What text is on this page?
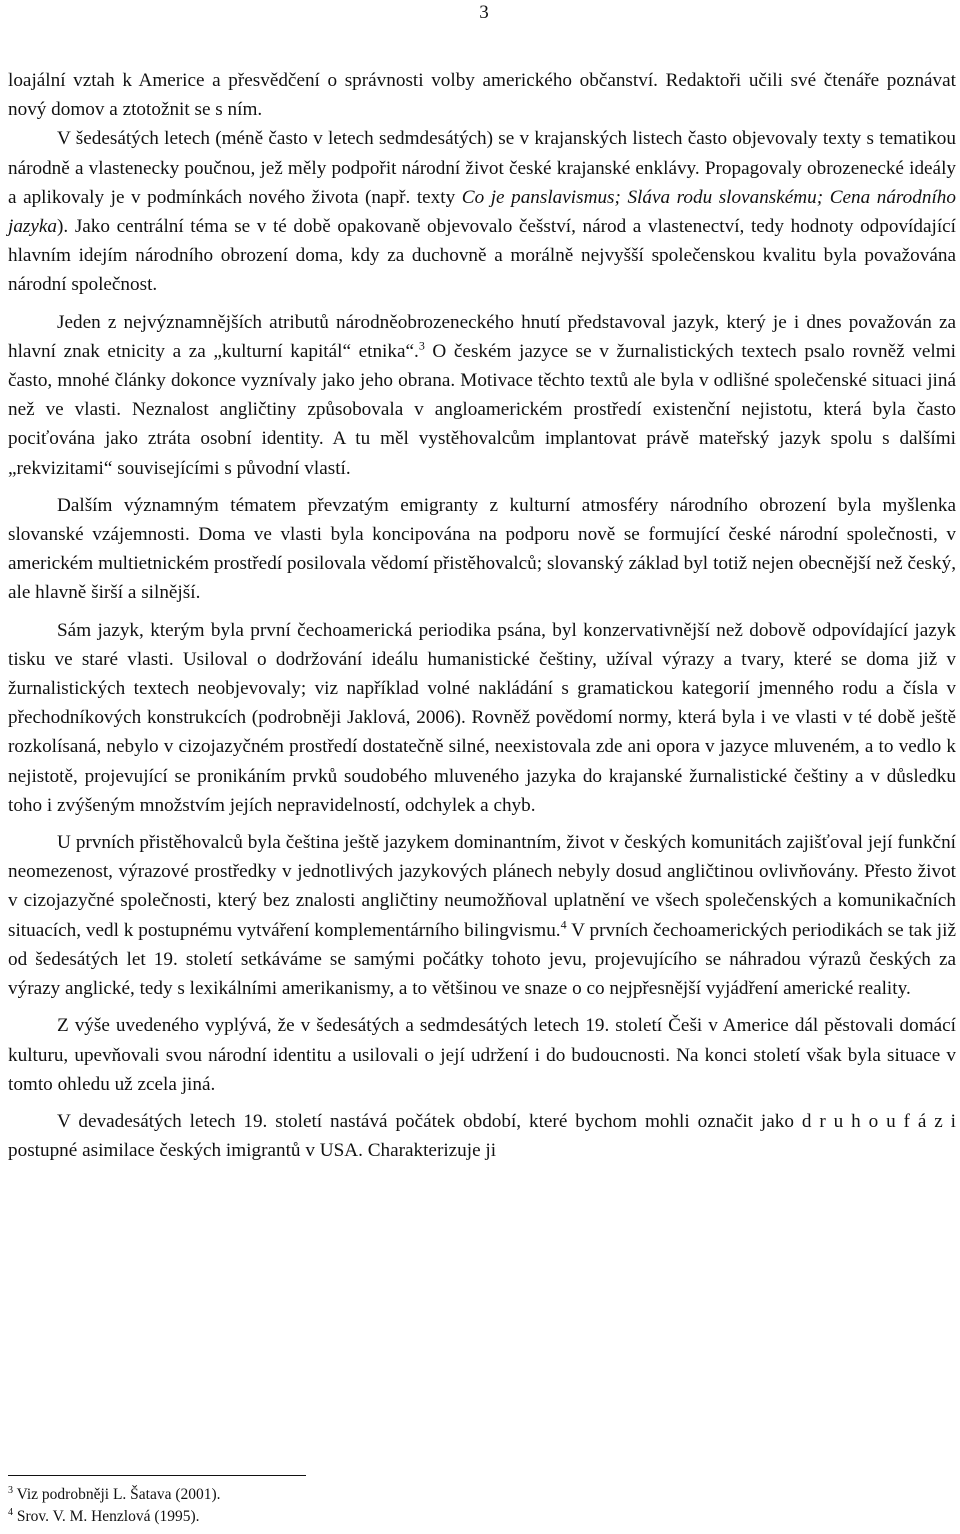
3

loajální vztah k Americe a přesvědčení o správnosti volby amerického občanství. Redaktoři učili své čtenáře poznávat nový domov a ztotožnit se s ním.

V šedesátých letech (méně často v letech sedmdesátých) se v krajanských listech často objevovaly texty s tematikou národně a vlastenecky poučnou, jež měly podpořit národní život české krajanské enklávy. Propagovaly obrozenecké ideály a aplikovaly je v podmínkách nového života (např. texty Co je panslavismus; Sláva rodu slovanskému; Cena národního jazyka). Jako centrální téma se v té době opakovaně objevovalo češství, národ a vlastenectví, tedy hodnoty odpovídající hlavním idejím národního obrození doma, kdy za duchovně a morálně nejvyšší společenskou kvalitu byla považována národní společnost.

Jeden z nejvýznamnějších atributů národněobrozeneckého hnutí představoval jazyk, který je i dnes považován za hlavní znak etnicity a za „kulturní kapitál“ etnika“.$^3$ O českém jazyce se v žurnalistických textech psalo rovněž velmi často, mnohé články dokonce vyznívaly jako jeho obrana. Motivace těchto textů ale byla v odlišné společenské situaci jiná než ve vlasti. Neznalost angličtiny způsobovala v angloamerickém prostředí existenční nejistotu, která byla často pociťována jako ztráta osobní identity. A tu měl vystěhovalcům implantovat právě mateřský jazyk spolu s dalšími „rekvizitami“ souvisejícími s původní vlastí.

Dalším významným tématem převzatým emigranty z kulturní atmosféry národního obrození byla myšlenka slovanské vzájemnosti. Doma ve vlasti byla koncipována na podporu nově se formující české národní společnosti, v americkém multietnickém prostředí posilovala vědomí přistěhovalců; slovanský základ byl totiž nejen obecnější než český, ale hlavně širší a silnější.

Sám jazyk, kterým byla první čechoamerická periodika psána, byl konzervativnější než dobově odpovídající jazyk tisku ve staré vlasti. Usiloval o dodržování ideálu humanistické češtiny, užíval výrazy a tvary, které se doma již v žurnalistických textech neobjevovaly; viz například volné nakládání s gramatickou kategorií jmenného rodu a čísla v přechodníkových konstrukcích (podrobněji Jaklová, 2006). Rovněž povědomí normy, která byla i ve vlasti v té době ještě rozkolísaná, nebylo v cizojazyčném prostředí dostatečně silné, neexistovala zde ani opora v jazyce mluveném, a to vedlo k nejistotě, projevující se pronikáním prvků soudobého mluveného jazyka do krajanské žurnalistické češtiny a v důsledku toho i zvýšeným množstvím jejích nepravidelností, odchylek a chyb.

U prvních přistěhovalců byla čeština ještě jazykem dominantním, život v českých komunitách zajišťoval její funkční neomezenost, výrazové prostředky v jednotlivých jazykových plánech nebyly dosud angličtinou ovlivňovány. Přesto život v cizojazyčné společnosti, který bez znalosti angličtiny neumožňoval uplatnění ve všech společenských a komunikačních situacích, vedl k postupnému vytváření komplementárního bilingvismu.$^4$ V prvních čechoamerických periodikách se tak již od šedesátých let 19. století setkáváme se samými počátky tohoto jevu, projevujícího se náhradou výrazů českých za výrazy anglické, tedy s lexikálními amerikanismy, a to většinou ve snaze o co nejpřesnější vyjádření americké reality.

Z výše uvedeného vyplývá, že v šedesátých a sedmdesátých letech 19. století Češi v Americe dál pěstovali domácí kulturu, upevňovali svou národní identitu a usilovali o její udržení i do budoucnosti. Na konci století však byla situace v tomto ohledu už zcela jiná.

V devadesátých letech 19. století nastává počátek období, které bychom mohli označit jako d r u h o u f á z i postupné asimilace českých imigrantů v USA. Charakterizuje ji

$^3$ Viz podrobněji L. Šatava (2001).
$^4$ Srov. V. M. Henzlová (1995).
